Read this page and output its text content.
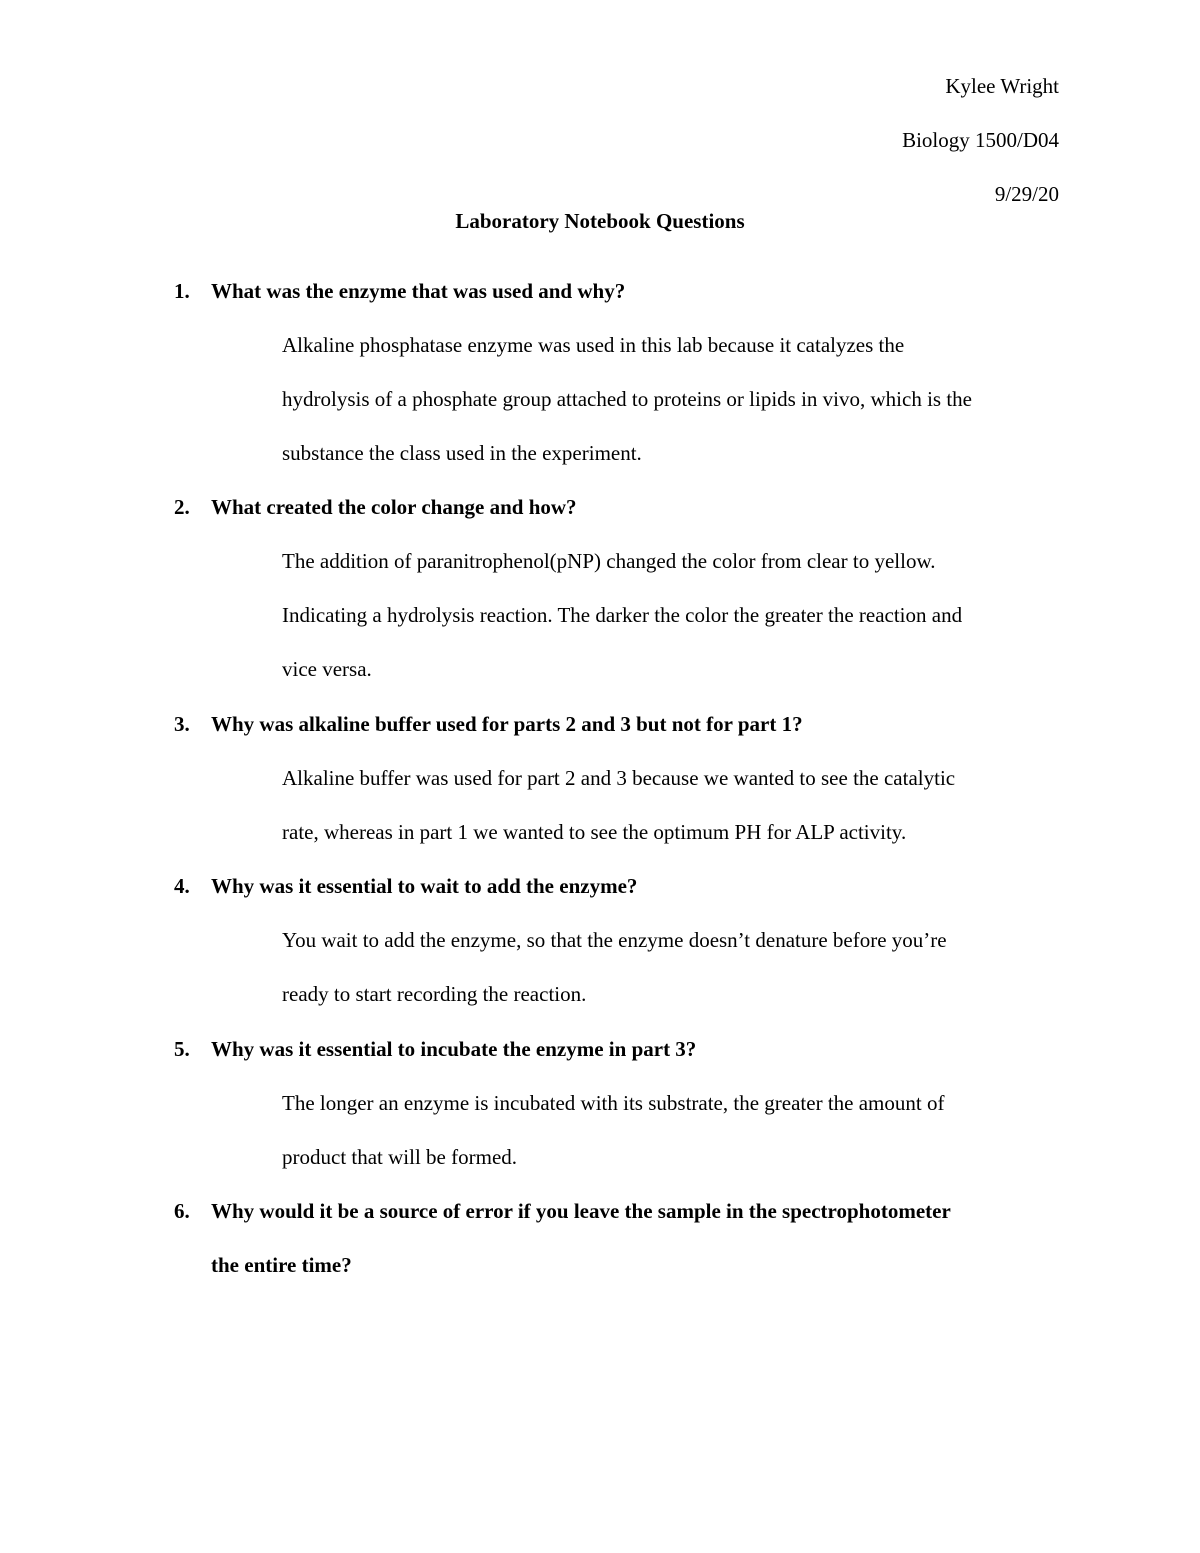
Kylee Wright
Biology 1500/D04
9/29/20
Laboratory Notebook Questions
1. What was the enzyme that was used and why?
Alkaline phosphatase enzyme was used in this lab because it catalyzes the
hydrolysis of a phosphate group attached to proteins or lipids in vivo, which is the
substance the class used in the experiment.
2. What created the color change and how?
The addition of paranitrophenol(pNP) changed the color from clear to yellow.
Indicating a hydrolysis reaction. The darker the color the greater the reaction and
vice versa.
3. Why was alkaline buffer used for parts 2 and 3 but not for part 1?
Alkaline buffer was used for part 2 and 3 because we wanted to see the catalytic
rate, whereas in part 1 we wanted to see the optimum PH for ALP activity.
4. Why was it essential to wait to add the enzyme?
You wait to add the enzyme, so that the enzyme doesn’t denature before you’re
ready to start recording the reaction.
5. Why was it essential to incubate the enzyme in part 3?
The longer an enzyme is incubated with its substrate, the greater the amount of
product that will be formed.
6. Why would it be a source of error if you leave the sample in the spectrophotometer
the entire time?
